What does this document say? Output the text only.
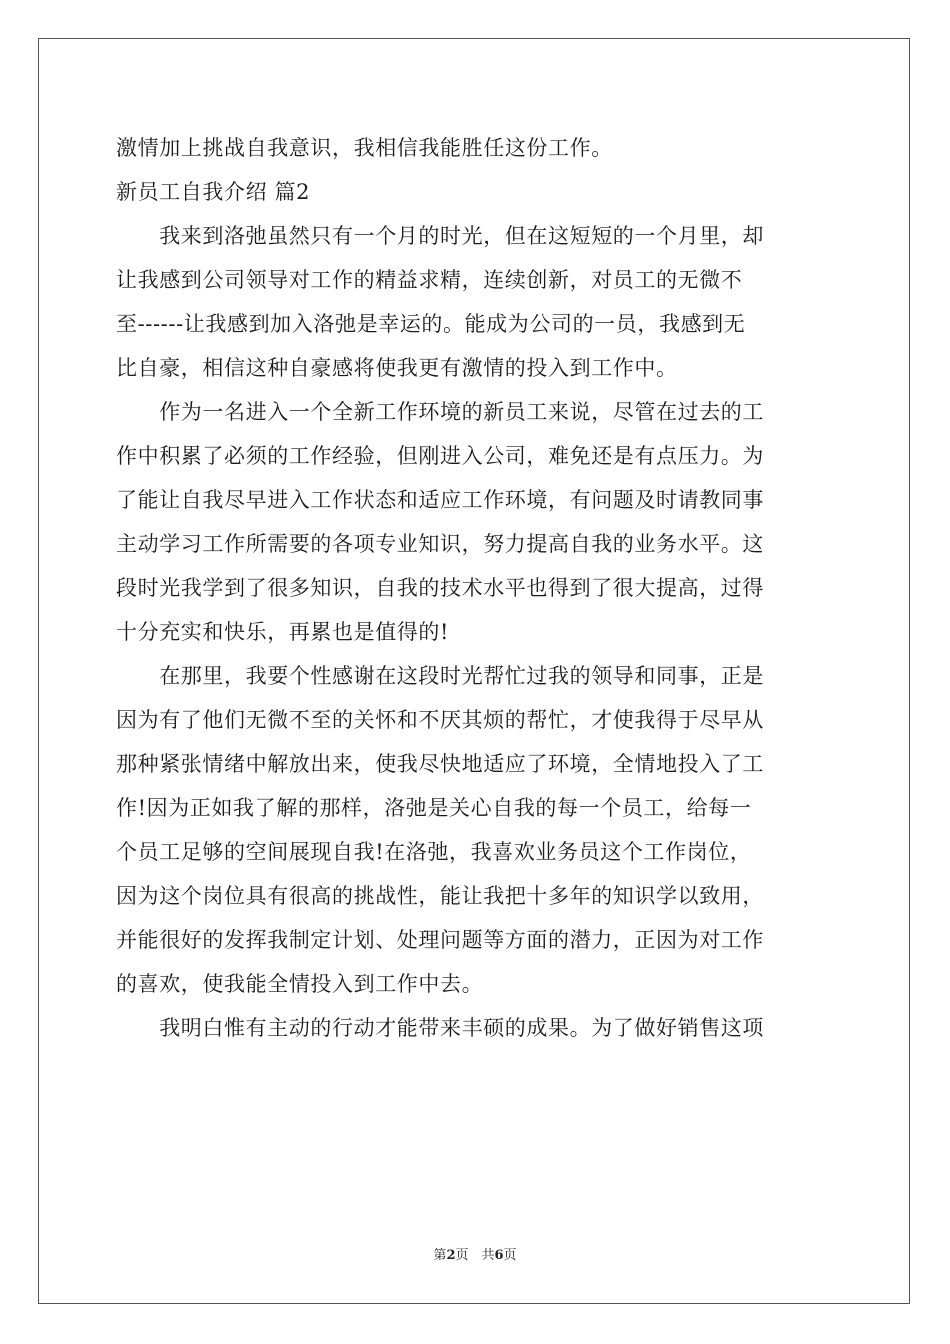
激情加上挑战自我意识，我相信我能胜任这份工作。
新员工自我介绍 篇2
　　我来到洛弛虽然只有一个月的时光，但在这短短的一个月里，却
让我感到公司领导对工作的精益求精，连续创新，对员工的无微不
至------让我感到加入洛弛是幸运的。能成为公司的一员，我感到无
比自豪，相信这种自豪感将使我更有激情的投入到工作中。
　　作为一名进入一个全新工作环境的新员工来说，尽管在过去的工
作中积累了必须的工作经验，但刚进入公司，难免还是有点压力。为
了能让自我尽早进入工作状态和适应工作环境，有问题及时请教同事
主动学习工作所需要的各项专业知识，努力提高自我的业务水平。这
段时光我学到了很多知识，自我的技术水平也得到了很大提高，过得
十分充实和快乐，再累也是值得的!
　　在那里，我要个性感谢在这段时光帮忙过我的领导和同事，正是
因为有了他们无微不至的关怀和不厌其烦的帮忙，才使我得于尽早从
那种紧张情绪中解放出来，使我尽快地适应了环境，全情地投入了工
作!因为正如我了解的那样，洛弛是关心自我的每一个员工，给每一
个员工足够的空间展现自我!在洛弛，我喜欢业务员这个工作岗位，
因为这个岗位具有很高的挑战性，能让我把十多年的知识学以致用，
并能很好的发挥我制定计划、处理问题等方面的潜力，正因为对工作
的喜欢，使我能全情投入到工作中去。
　　我明白惟有主动的行动才能带来丰硕的成果。为了做好销售这项
第2页　共6页
